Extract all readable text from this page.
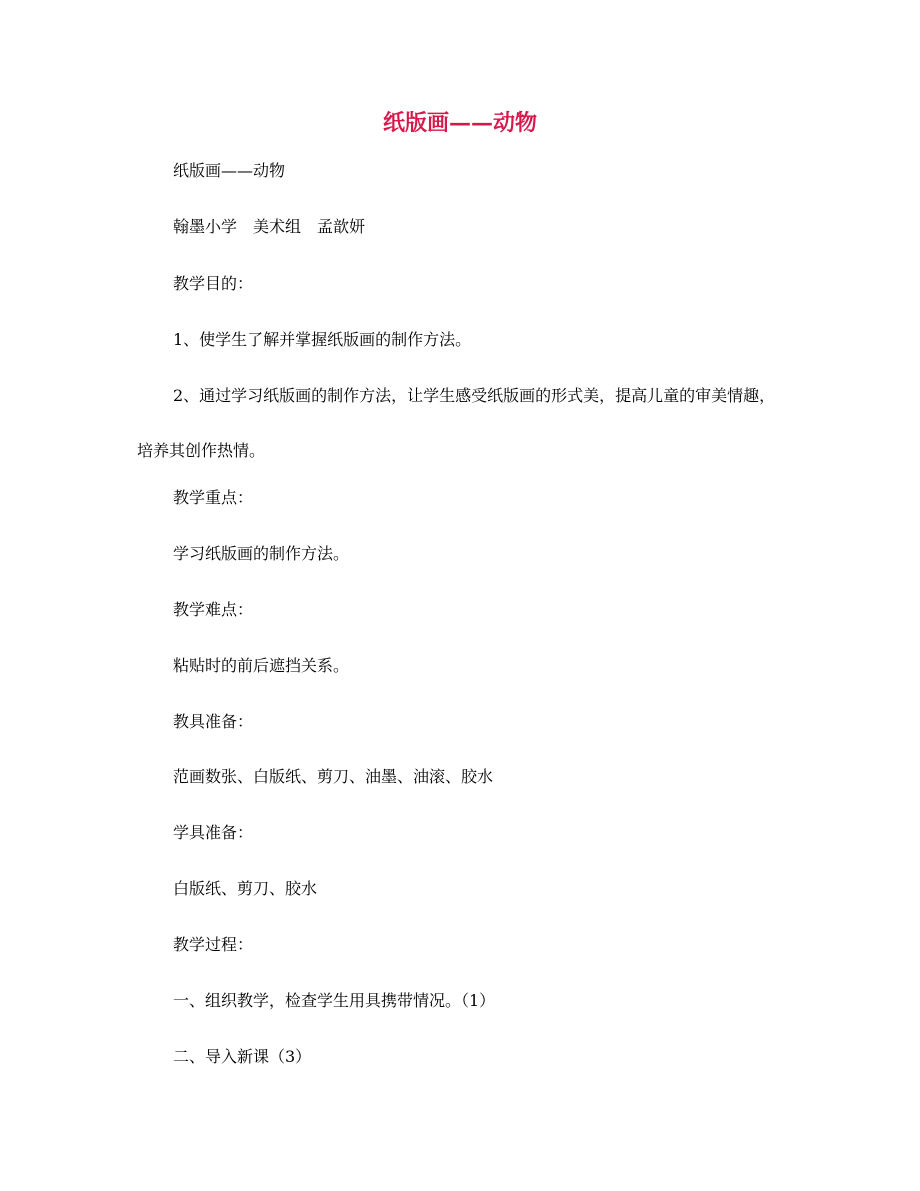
纸版画——动物
纸版画——动物
翰墨小学　美术组　孟歆妍
教学目的：
1、使学生了解并掌握纸版画的制作方法。
2、通过学习纸版画的制作方法，让学生感受纸版画的形式美，提高儿童的审美情趣，培养其创作热情。
教学重点：
学习纸版画的制作方法。
教学难点：
粘贴时的前后遮挡关系。
教具准备：
范画数张、白版纸、剪刀、油墨、油滚、胶水
学具准备：
白版纸、剪刀、胶水
教学过程：
一、组织教学，检查学生用具携带情况。（1）
二、导入新课（3）
